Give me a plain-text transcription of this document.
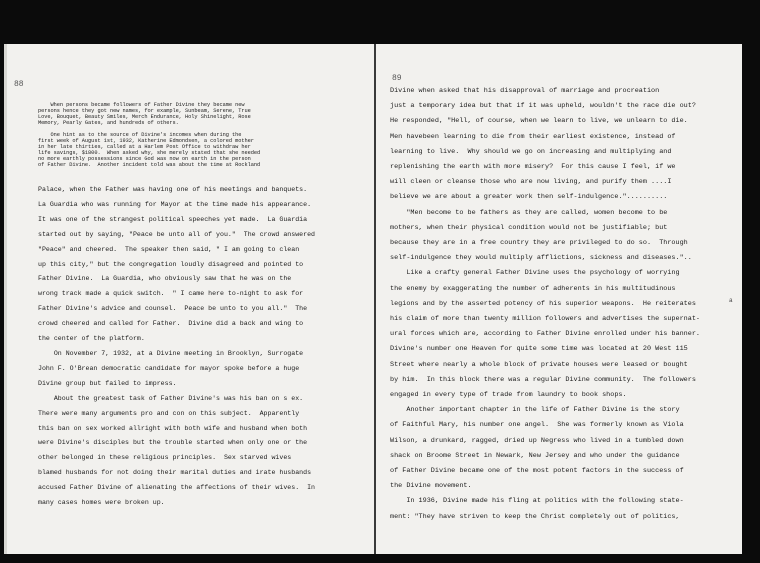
88
When persons became followers of Father Divine they became new
persons hence they got new names, for example, Sunbeam, Serene, True
Love, Bouquet, Beauty Smiles, Merch Endurance, Holy Shinelight, Rose
Memory, Pearly Gates, and hundreds of others.

One hint as to the source of Divine's incomes when during the
first week of August 1st, 1932, Katherine Edmondsen, a colored mother
in her late thirties, called at a Harlem Post Office to withdraw her
life savings, $1800.  When asked why, she merely stated that she needed
no more earthly possessions since God was now on earth in the person
of Father Divine.  Another incident told was about the time at Rockland
Palace, when the Father was having one of his meetings and banquets.
La Guardia who was running for Mayor at the time made his appearance.
It was one of the strangest political speeches yet made.  La Guardia
started out by saying, "Peace be unto all of you."  The crowd answered
"Peace" and cheered.  The speaker then said, " I am going to clean
up this city," but the congregation loudly disagreed and pointed to
Father Divine.  La Guardia, who obviously saw that he was on the
wrong track made a quick switch.  " I came here to-night to ask for
Father Divine's advice and counsel.  Peace be unto to you all."  The
crowd cheered and called for Father.  Divine did a back and wing to
the center of the platform.
On November 7, 1932, at a Divine meeting in Brooklyn, Surrogate
John F. O'Brean democratic candidate for mayor spoke before a huge
Divine group but failed to impress.
About the greatest task of Father Divine's was his ban on s ex.
There were many arguments pro and con on this subject.  Apparently
this ban on sex worked allright with both wife and husband when both
were Divine's disciples but the trouble started when only one or the
other belonged in these religious principles.  Sex starved wives
blamed husbands for not doing their marital duties and irate husbands
accused Father Divine of alienating the affections of their wives.  In
many cases homes were broken up.
89
Divine when asked that his disapproval of marriage and procreation
just a temporary idea but that if it was upheld, wouldn't the race die out?
He responded, "Hell, of course, when we learn to live, we unlearn to die.
Men havebeen learning to die from their earliest existence, instead of
learning to live.  Why should we go on increasing and multiplying and
replenishing the earth with more misery?  For this cause I feel, if we
will cleen or cleanse those who are now living, and purify them ....I
believe we are about a greater work then self-indulgence."..........
"Men become to be fathers as they are called, women become to be
mothers, when their physical condition would not be justifiable; but
because they are in a free country they are privileged to do so.  Through
self-indulgence they would multiply afflictions, sickness and diseases."..
Like a crafty general Father Divine uses the psychology of worrying
the enemy by exaggerating the number of adherents in his multitudinous
legions and by the asserted potency of his superior weapons.  He reiterates
his claim of more than twenty million followers and advertises the supernat-
ural forces which are, according to Father Divine enrolled under his banner.
Divine's number one Heaven for quite some time was located at 20 West 115
Street where nearly a whole block of private houses were leased or bought
by him.  In this block there was a regular Divine community.  The followers
engaged in every type of trade from laundry to book shops.
Another important chapter in the life of Father Divine is the story
of Faithful Mary, his number one angel.  She was formerly known as Viola
Wilson, a drunkard, ragged, dried up Negress who lived in a tumbled down
shack on Broome Street in Newark, New Jersey and who under the guidance
of Father Divine became one of the most potent factors in the success of
the Divine movement.
In 1936, Divine made his fling at politics with the following state-
ment: "They have striven to keep the Christ completely out of politics,
a
